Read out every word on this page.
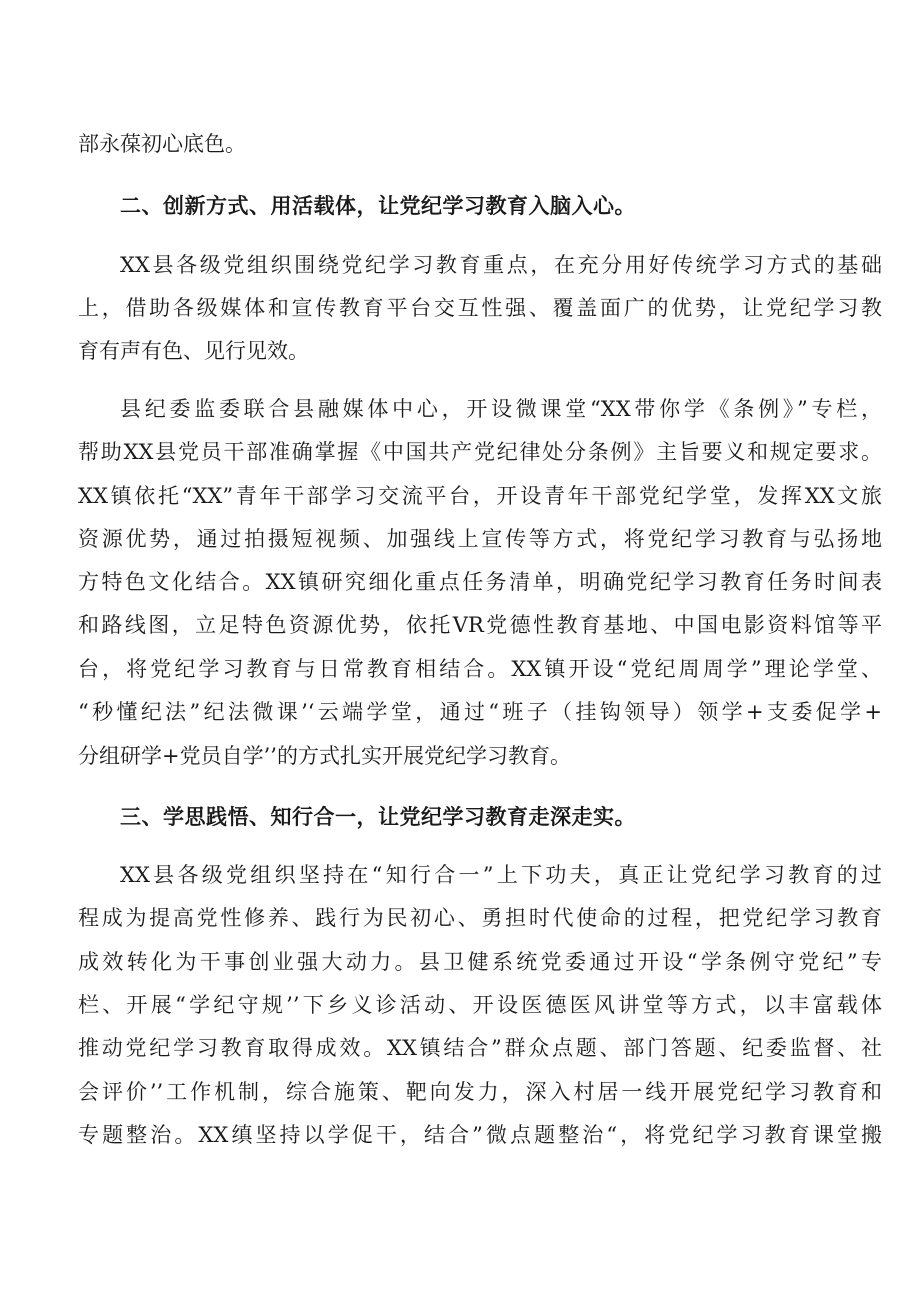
部永葆初心底色。
二、创新方式、用活载体，让党纪学习教育入脑入心。
XX县各级党组织围绕党纪学习教育重点，在充分用好传统学习方式的基础
上，借助各级媒体和宣传教育平台交互性强、覆盖面广的优势，让党纪学习教
育有声有色、见行见效。
县纪委监委联合县融媒体中心，开设微课堂“XX带你学《条例》”专栏，
帮助XX县党员干部准确掌握《中国共产党纪律处分条例》主旨要义和规定要求。
XX镇依托“XX”青年干部学习交流平台，开设青年干部党纪学堂，发挥XX文旅
资源优势，通过拍摄短视频、加强线上宣传等方式，将党纪学习教育与弘扬地
方特色文化结合。XX镇研究细化重点任务清单，明确党纪学习教育任务时间表
和路线图，立足特色资源优势，依托VR党德性教育基地、中国电影资料馆等平
台，将党纪学习教育与日常教育相结合。XX镇开设“党纪周周学”理论学堂、
“秒懂纪法”纪法微课’‘云端学堂，通过“班子（挂钩领导）领学+支委促学+
分组研学+党员自学’’的方式扎实开展党纪学习教育。
三、学思践悟、知行合一，让党纪学习教育走深走实。
XX县各级党组织坚持在“知行合一”上下功夫，真正让党纪学习教育的过
程成为提高党性修养、践行为民初心、勇担时代使命的过程，把党纪学习教育
成效转化为干事创业强大动力。县卫健系统党委通过开设“学条例守党纪”专
栏、开展“学纪守规’’下乡义诊活动、开设医德医风讲堂等方式，以丰富载体
推动党纪学习教育取得成效。XX镇结合”群众点题、部门答题、纪委监督、社
会评价’’工作机制，综合施策、靶向发力，深入村居一线开展党纪学习教育和
专题整治。XX缜坚持以学促干，结合”微点题整治“，将党纪学习教育课堂搬
